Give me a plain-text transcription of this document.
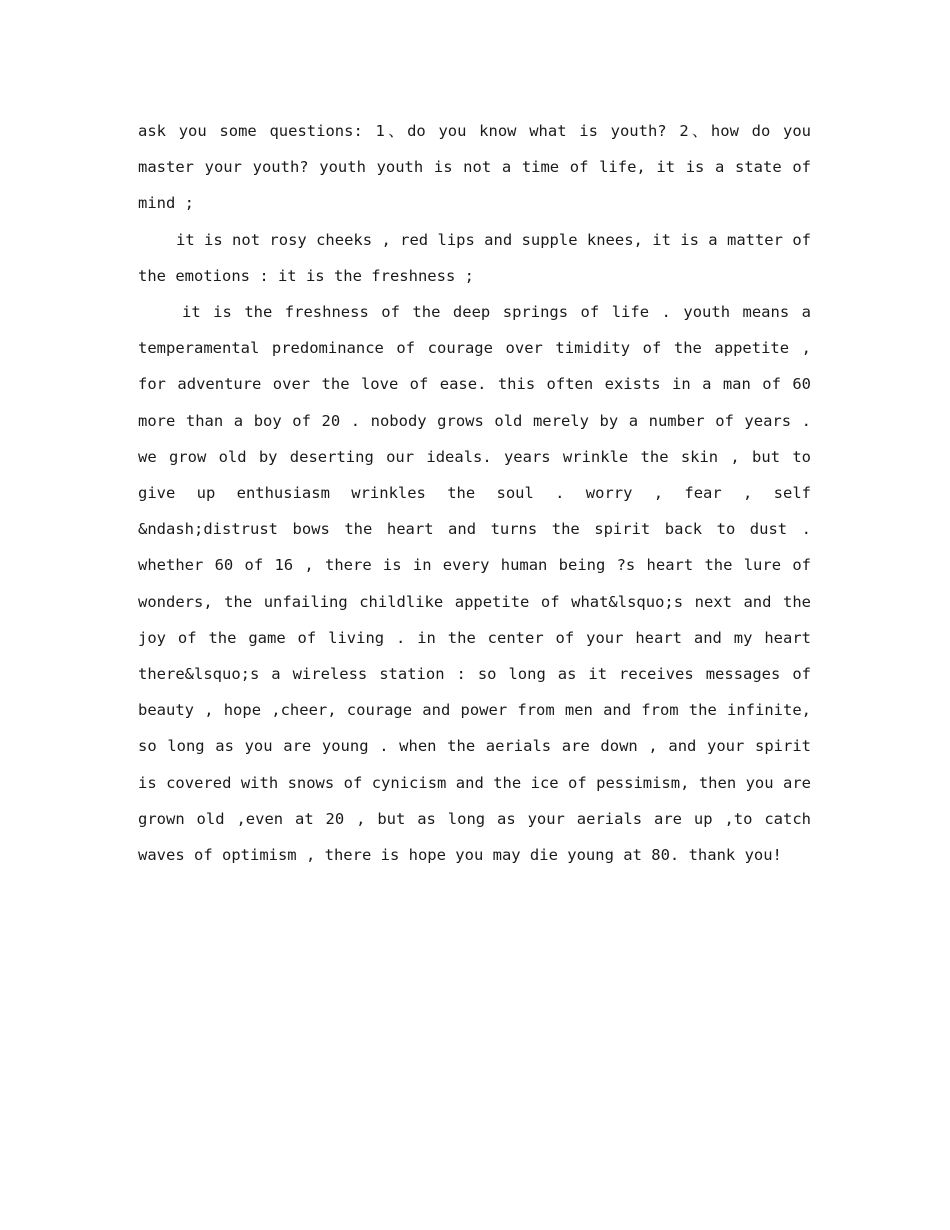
ask you some questions: 1、do you know what is youth? 2、how do you master your youth? youth youth is not a time of life, it is a state of mind ;

it is not rosy cheeks , red lips and supple knees, it is a matter of the emotions : it is the freshness ;

it is the freshness of the deep springs of life . youth means a temperamental predominance of courage over timidity of the appetite , for adventure over the love of ease. this often exists in a man of 60 more than a boy of 20 . nobody grows old merely by a number of years . we grow old by deserting our ideals. years wrinkle the skin , but to give up enthusiasm wrinkles the soul . worry , fear , self &ndash;distrust bows the heart and turns the spirit back to dust . whether 60 of 16 , there is in every human being ?s heart the lure of wonders, the unfailing childlike appetite of what&lsquo;s next and the joy of the game of living . in the center of your heart and my heart there&lsquo;s a wireless station : so long as it receives messages of beauty , hope ,cheer, courage and power from men and from the infinite, so long as you are young . when the aerials are down , and your spirit is covered with snows of cynicism and the ice of pessimism, then you are grown old ,even at 20 , but as long as your aerials are up ,to catch waves of optimism , there is hope you may die young at 80. thank you!
